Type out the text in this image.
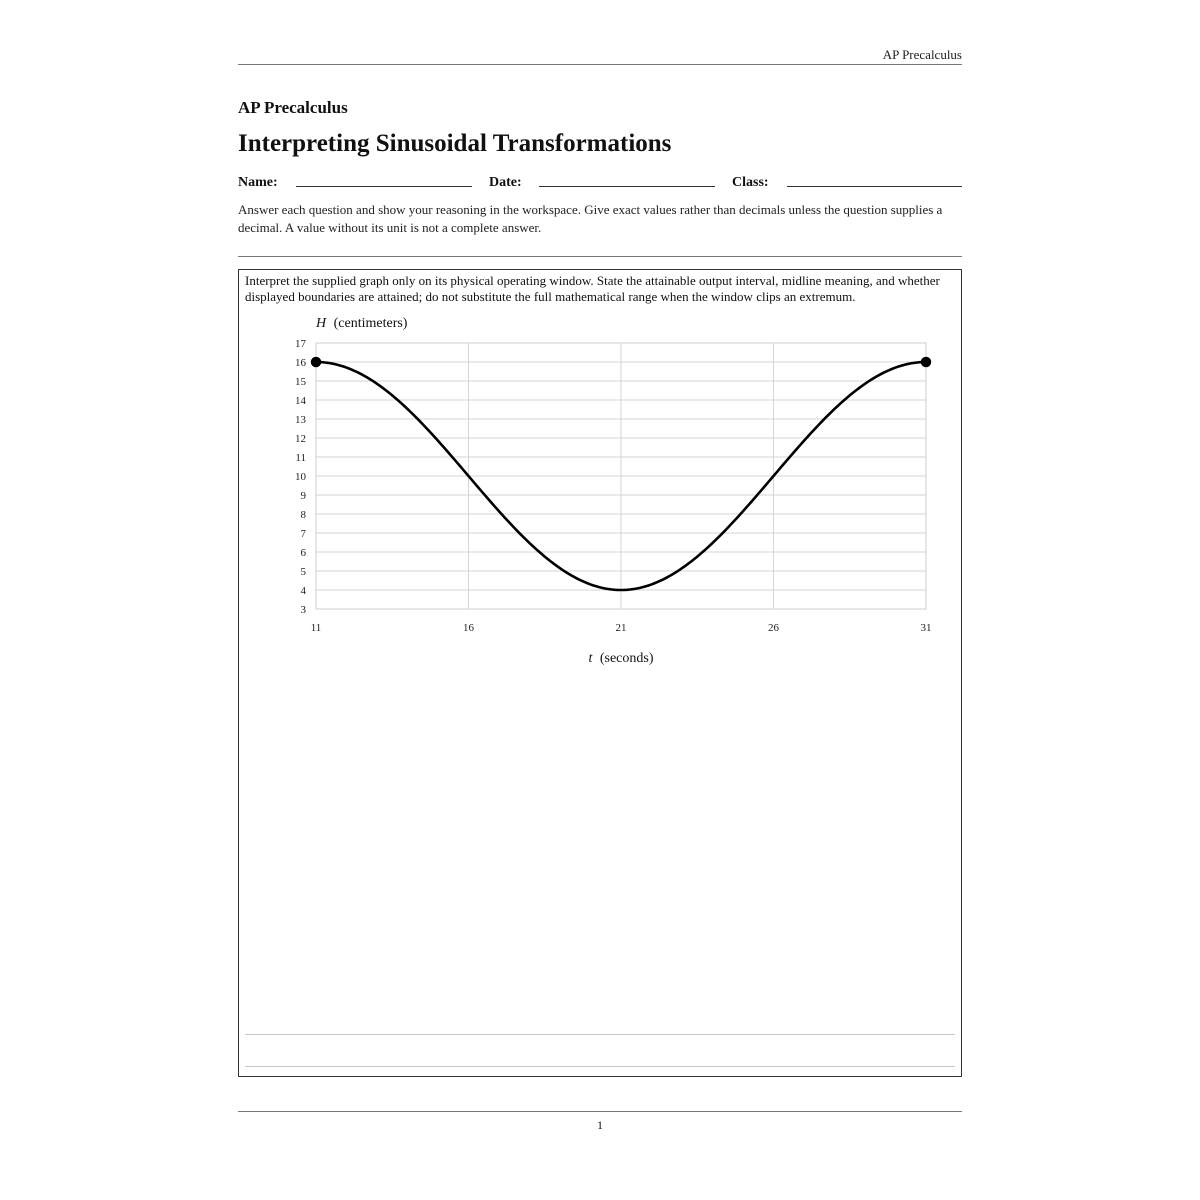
AP Precalculus
AP Precalculus
Interpreting Sinusoidal Transformations
Name:	Date:	Class:
Answer each question and show your reasoning in the workspace. Give exact values rather than decimals unless the question supplies a decimal. A value without its unit is not a complete answer.
Interpret the supplied graph only on its physical operating window. State the attainable output interval, midline meaning, and whether displayed boundaries are attained; do not substitute the full mathematical range when the window clips an extremum.
3
4
5
6
7
8
9
10
11
12
13
14
15
16
17
11	16	21	26	31
H (centimeters)
t (seconds)
1
